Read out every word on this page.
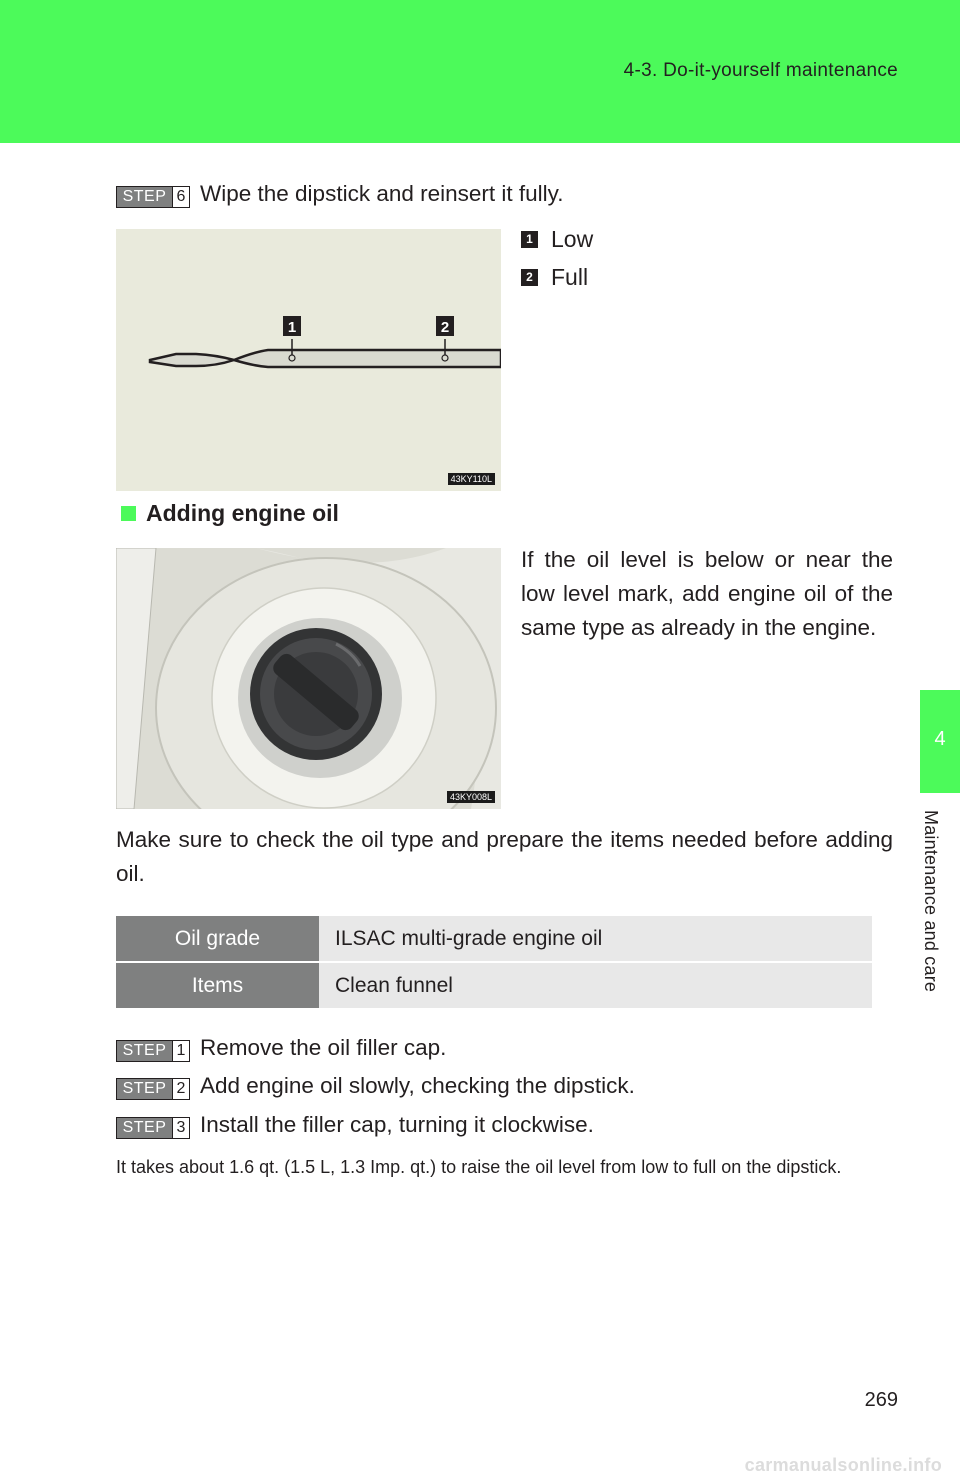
4-3. Do-it-yourself maintenance
4
Maintenance and care
STEP 6 Wipe the dipstick and reinsert it fully.
1	2
43KY110L
1 Low
2 Full
Adding engine oil
43KY008L
If the oil level is below or near the low level mark, add engine oil of the same type as already in the engine.
Make sure to check the oil type and prepare the items needed before adding oil.
Oil grade	ILSAC multi-grade engine oil
Items	Clean funnel
STEP 1 Remove the oil filler cap.
STEP 2 Add engine oil slowly, checking the dipstick.
STEP 3 Install the filler cap, turning it clockwise.
It takes about 1.6 qt. (1.5 L, 1.3 Imp. qt.) to raise the oil level from low to full on the dipstick.
269
carmanualsonline.info
